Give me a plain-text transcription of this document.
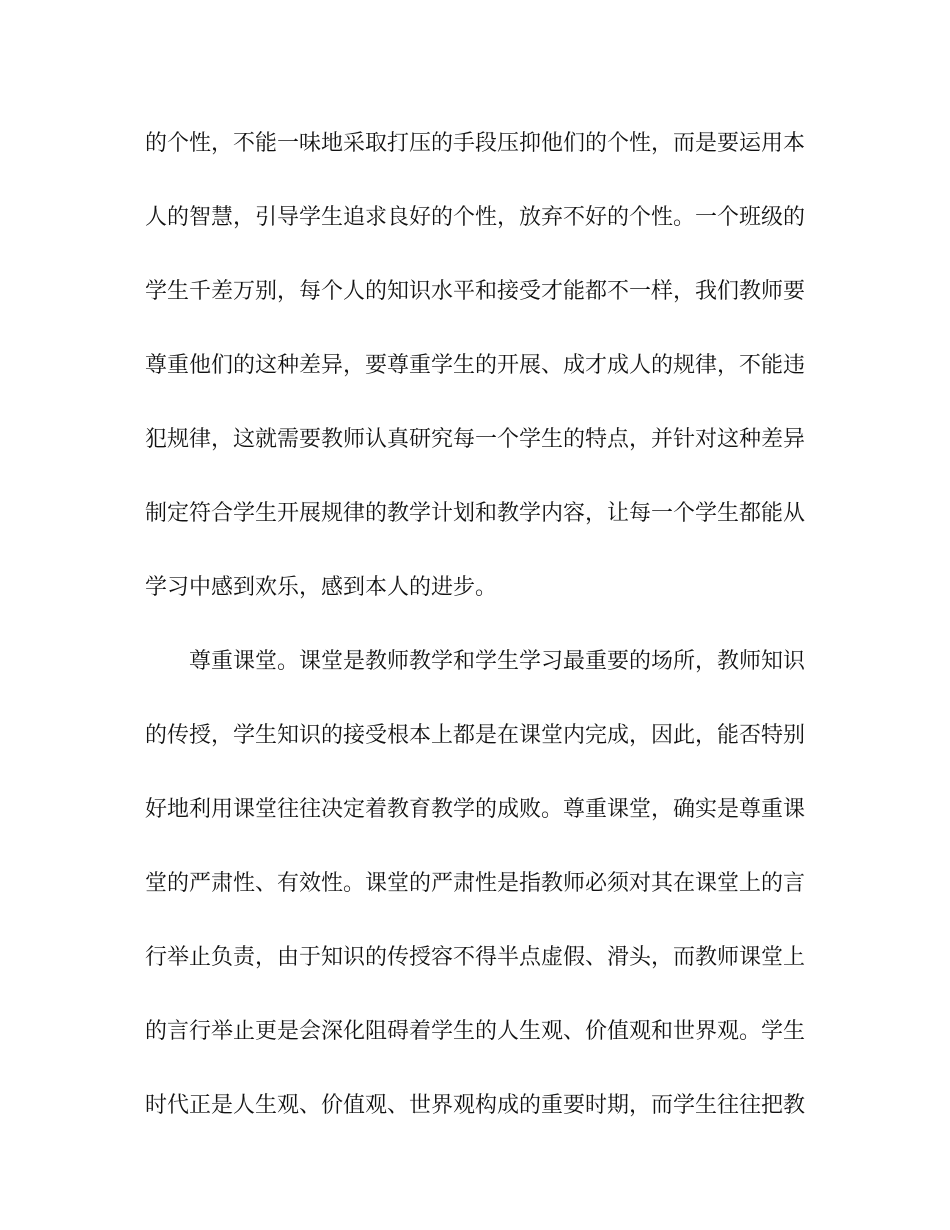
的个性，不能一味地采取打压的手段压抑他们的个性，而是要运用本
人的智慧，引导学生追求良好的个性，放弃不好的个性。一个班级的
学生千差万别，每个人的知识水平和接受才能都不一样，我们教师要
尊重他们的这种差异，要尊重学生的开展、成才成人的规律，不能违
犯规律，这就需要教师认真研究每一个学生的特点，并针对这种差异
制定符合学生开展规律的教学计划和教学内容，让每一个学生都能从
学习中感到欢乐，感到本人的进步。
尊重课堂。课堂是教师教学和学生学习最重要的场所，教师知识
的传授，学生知识的接受根本上都是在课堂内完成，因此，能否特别
好地利用课堂往往决定着教育教学的成败。尊重课堂，确实是尊重课
堂的严肃性、有效性。课堂的严肃性是指教师必须对其在课堂上的言
行举止负责，由于知识的传授容不得半点虚假、滑头，而教师课堂上
的言行举止更是会深化阻碍着学生的人生观、价值观和世界观。学生
时代正是人生观、价值观、世界观构成的重要时期，而学生往往把教
